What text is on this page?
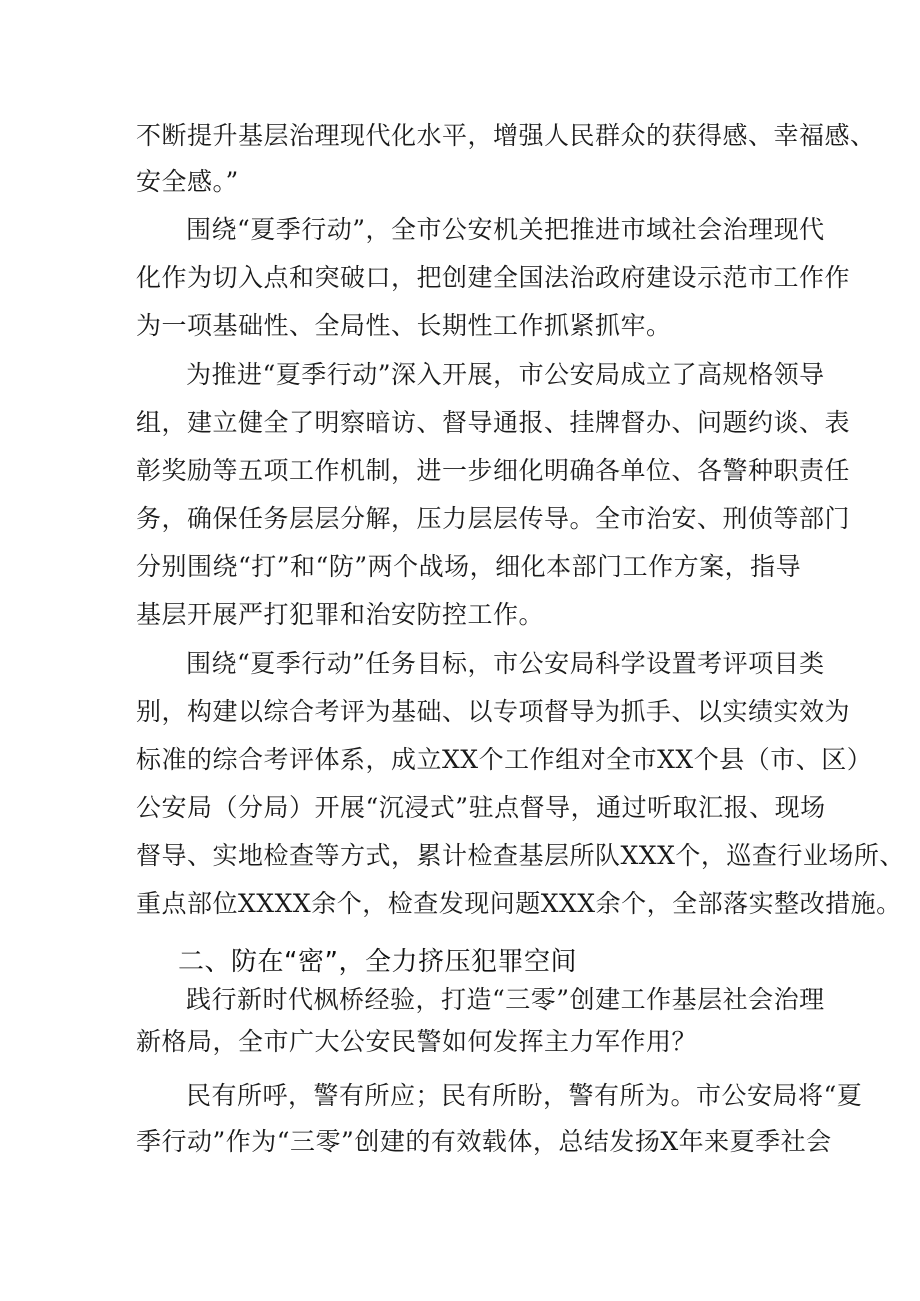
不断提升基层治理现代化水平，增强人民群众的获得感、幸福感、
安全感。”
围绕“夏季行动”，全市公安机关把推进市域社会治理现代
化作为切入点和突破口，把创建全国法治政府建设示范市工作作
为一项基础性、全局性、长期性工作抓紧抓牢。
为推进“夏季行动”深入开展，市公安局成立了高规格领导
组，建立健全了明察暗访、督导通报、挂牌督办、问题约谈、表
彰奖励等五项工作机制，进一步细化明确各单位、各警种职责任
务，确保任务层层分解，压力层层传导。全市治安、刑侦等部门
分别围绕“打”和“防”两个战场，细化本部门工作方案，指导
基层开展严打犯罪和治安防控工作。
围绕“夏季行动”任务目标，市公安局科学设置考评项目类
别，构建以综合考评为基础、以专项督导为抓手、以实绩实效为
标准的综合考评体系，成立XX个工作组对全市XX个县（市、区）
公安局（分局）开展“沉浸式”驻点督导，通过听取汇报、现场
督导、实地检查等方式，累计检查基层所队XXX个，巡查行业场所、
重点部位XXXX余个，检查发现问题XXX余个，全部落实整改措施。
二、防在“密”，全力挤压犯罪空间
践行新时代枫桥经验，打造“三零”创建工作基层社会治理
新格局，全市广大公安民警如何发挥主力军作用？
民有所呼，警有所应；民有所盼，警有所为。市公安局将“夏
季行动”作为“三零”创建的有效载体，总结发扬X年来夏季社会
